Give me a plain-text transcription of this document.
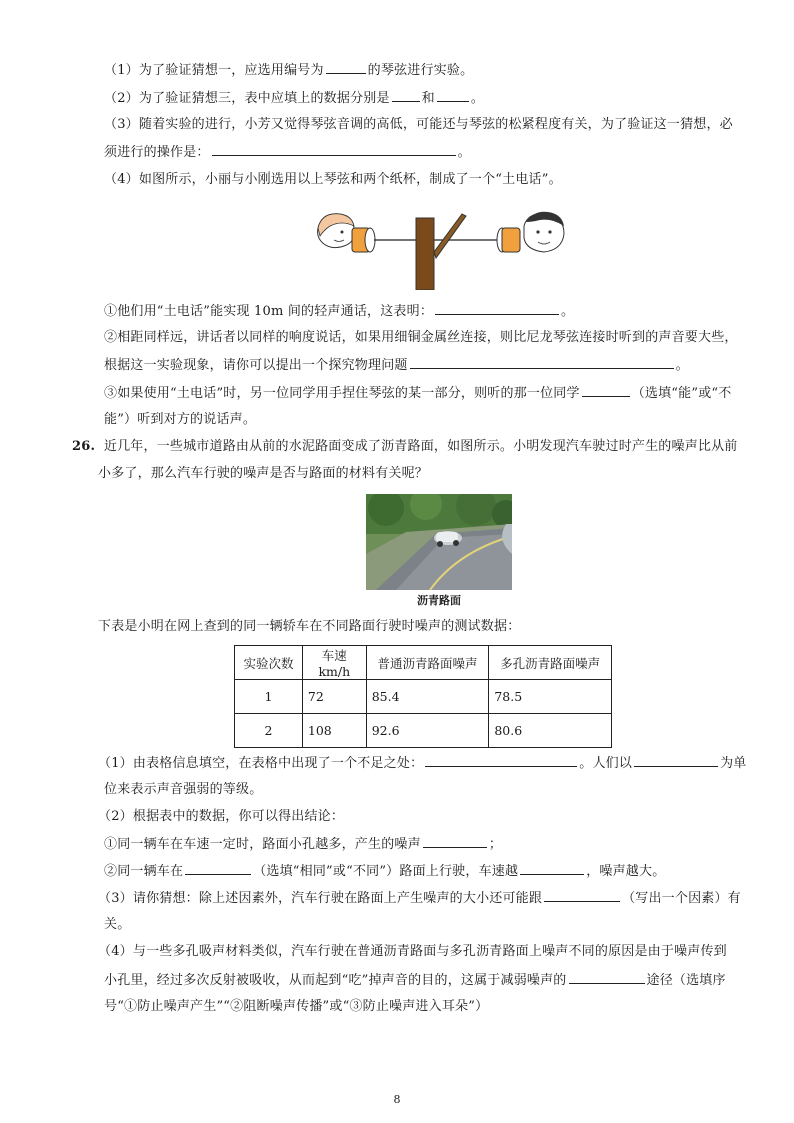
（1）为了验证猜想一，应选用编号为	的琴弦进行实验。
（2）为了验证猜想三，表中应填上的数据分别是 和	。
（3）随着实验的进行，小芳又觉得琴弦音调的高低，可能还与琴弦的松紧程度有关，为了验证这一猜想，必
须进行的操作是：	。
（4）如图所示，小丽与小刚选用以上琴弦和两个纸杯，制成了一个“土电话”。
①他们用“土电话”能实现 10m 间的轻声通话，这表明：	。
②相距同样远，讲话者以同样的响度说话，如果用细铜金属丝连接，则比尼龙琴弦连接时听到的声音要大些，
根据这一实验现象，请你可以提出一个探究物理问题	。
③如果使用“土电话”时，另一位同学用手捏住琴弦的某一部分，则听的那一位同学	（选填“能”或“不
能”）听到对方的说话声。
26. 近几年，一些城市道路由从前的水泥路面变成了沥青路面，如图所示。小明发现汽车驶过时产生的噪声比从前
小多了，那么汽车行驶的噪声是否与路面的材料有关呢？
沥青路面
下表是小明在网上查到的同一辆轿车在不同路面行驶时噪声的测试数据：
实验次数	车速km/h	普通沥青路面噪声	多孔沥青路面噪声
1	72	85.4	78.5
2	108	92.6	80.6
（1）由表格信息填空，在表格中出现了一个不足之处：	。人们以	为单
位来表示声音强弱的等级。
（2）根据表中的数据，你可以得出结论：
①同一辆车在车速一定时，路面小孔越多，产生的噪声	；
②同一辆车在	（选填“相同”或“不同”）路面上行驶，车速越	，噪声越大。
（3）请你猜想：除上述因素外，汽车行驶在路面上产生噪声的大小还可能跟	（写出一个因素）有
关。
（4）与一些多孔吸声材料类似，汽车行驶在普通沥青路面与多孔沥青路面上噪声不同的原因是由于噪声传到
小孔里，经过多次反射被吸收，从而起到“吃”掉声音的目的，这属于减弱噪声的	途径（选填序
号“①防止噪声产生”“②阻断噪声传播”或“③防止噪声进入耳朵”）
8
